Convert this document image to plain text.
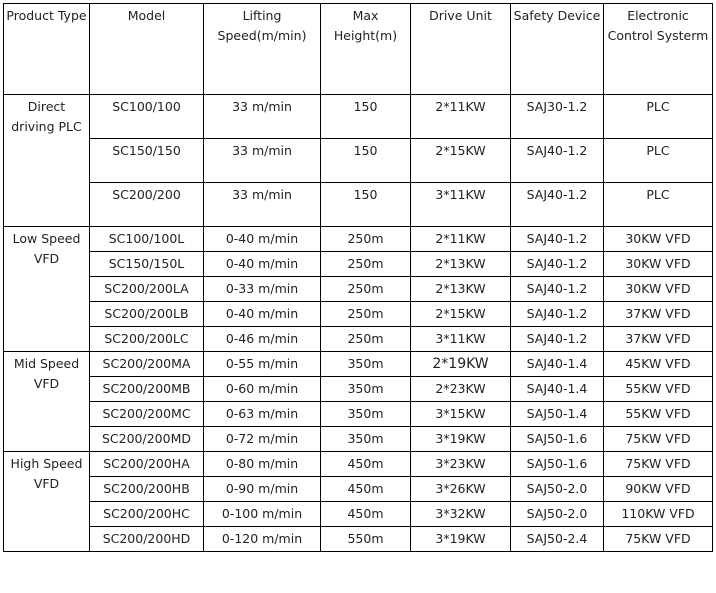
Product Type	Model	Lifting Speed(m/min)	Max Height(m)	Drive Unit	Safety Device	Electronic Control Systerm
Direct driving PLC	SC100/100	33 m/min	150	2*11KW	SAJ30-1.2	PLC
	SC150/150	33 m/min	150	2*15KW	SAJ40-1.2	PLC
	SC200/200	33 m/min	150	3*11KW	SAJ40-1.2	PLC
Low Speed VFD	SC100/100L	0-40 m/min	250m	2*11KW	SAJ40-1.2	30KW VFD
	SC150/150L	0-40 m/min	250m	2*13KW	SAJ40-1.2	30KW VFD
	SC200/200LA	0-33 m/min	250m	2*13KW	SAJ40-1.2	30KW VFD
	SC200/200LB	0-40 m/min	250m	2*15KW	SAJ40-1.2	37KW VFD
	SC200/200LC	0-46 m/min	250m	3*11KW	SAJ40-1.2	37KW VFD
Mid Speed VFD	SC200/200MA	0-55 m/min	350m	2*19KW	SAJ40-1.4	45KW VFD
	SC200/200MB	0-60 m/min	350m	2*23KW	SAJ40-1.4	55KW VFD
	SC200/200MC	0-63 m/min	350m	3*15KW	SAJ50-1.4	55KW VFD
	SC200/200MD	0-72 m/min	350m	3*19KW	SAJ50-1.6	75KW VFD
High Speed VFD	SC200/200HA	0-80 m/min	450m	3*23KW	SAJ50-1.6	75KW VFD
	SC200/200HB	0-90 m/min	450m	3*26KW	SAJ50-2.0	90KW VFD
	SC200/200HC	0-100 m/min	450m	3*32KW	SAJ50-2.0	110KW VFD
	SC200/200HD	0-120 m/min	550m	3*19KW	SAJ50-2.4	75KW VFD
